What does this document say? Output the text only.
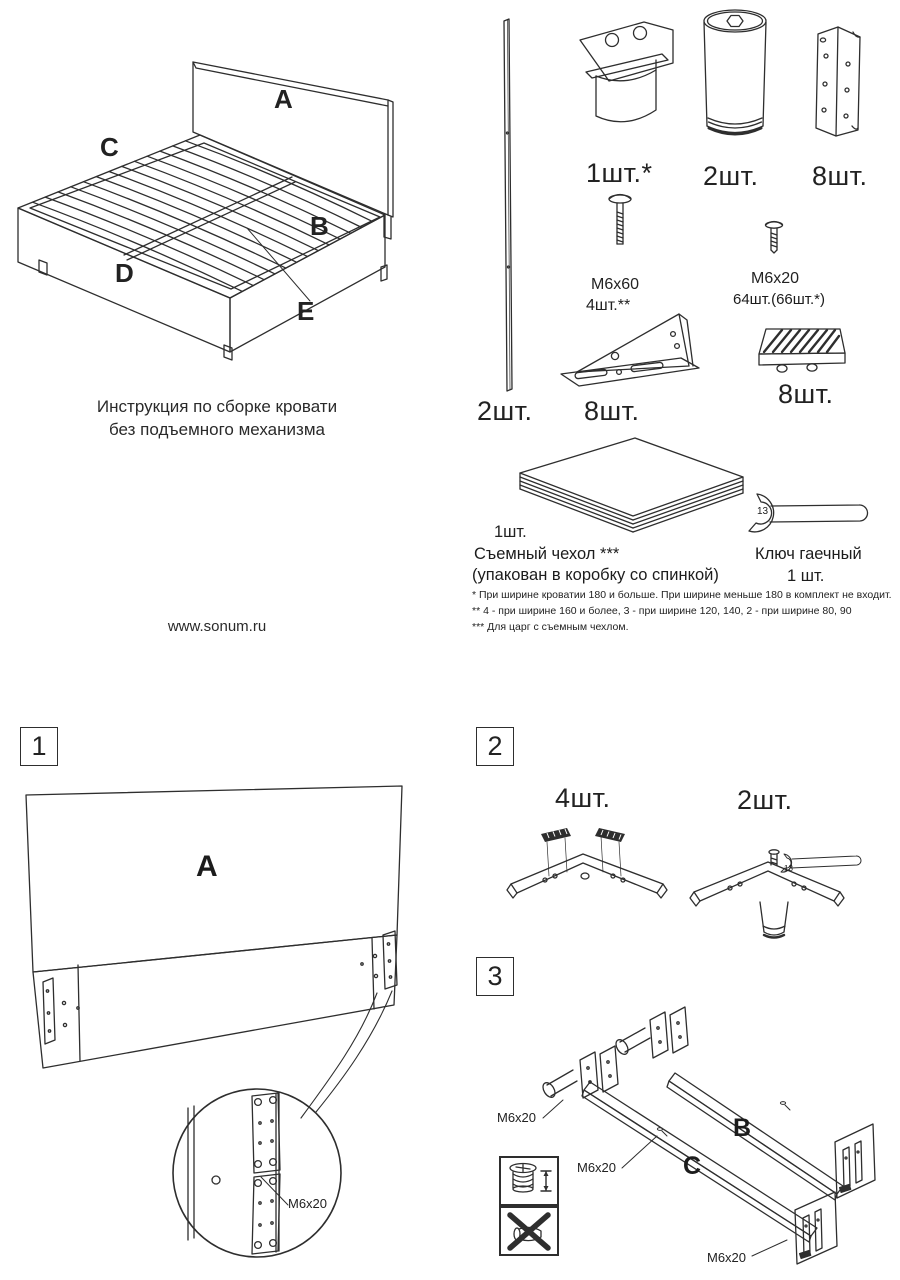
A
C
B
D
E
Инструкция по сборке кровати
без подъемного механизма
www.sonum.ru
2шт.
1шт.* 2шт. 8шт.
M6x60
4шт.**
M6x20
64шт.(66шт.*)
8шт.
8шт.
1шт.
Съемный чехол ***
(упакован в коробку со спинкой)
13
Ключ гаечный
1 шт.
* При ширине кроватии 180 и больше. При ширине меньше 180 в комплект не входит.
** 4 - при ширине 160 и более, 3 - при ширине 120, 140, 2 - при ширине 80, 90
*** Для царг с съемным чехлом.
1
A
M6x20
2
4шт.	2шт.
13
3
M6x20
M6x20
M6x20
B
C
